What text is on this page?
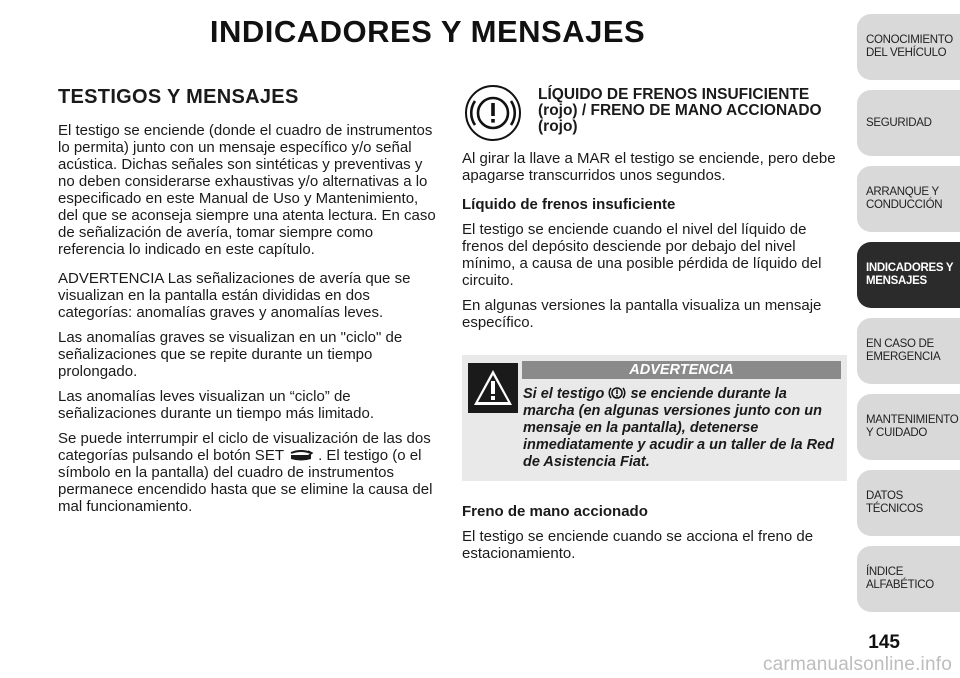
INDICADORES Y MENSAJES
TESTIGOS Y MENSAJES

El testigo se enciende (donde el cuadro de instrumentos lo permita) junto con un mensaje específico y/o señal acústica. Dichas señales son sintéticas y preventivas y no deben considerarse exhaustivas y/o alternativas a lo especificado en este Manual de Uso y Mantenimiento, del que se aconseja siempre una atenta lectura. En caso de señalización de avería, tomar siempre como referencia lo indicado en este capítulo.

ADVERTENCIA Las señalizaciones de avería que se visualizan en la pantalla están divididas en dos categorías: anomalías graves y anomalías leves.

Las anomalías graves se visualizan en un "ciclo" de señalizaciones que se repite durante un tiempo prolongado.

Las anomalías leves visualizan un “ciclo” de señalizaciones durante un tiempo más limitado.

Se puede interrumpir el ciclo de visualización de las dos categorías pulsando el botón SET . El testigo (o el símbolo en la pantalla) del cuadro de instrumentos permanece encendido hasta que se elimine la causa del mal funcionamiento.

LÍQUIDO DE FRENOS INSUFICIENTE (rojo) / FRENO DE MANO ACCIONADO (rojo)

Al girar la llave a MAR el testigo se enciende, pero debe apagarse transcurridos unos segundos.

Líquido de frenos insuficiente

El testigo se enciende cuando el nivel del líquido de frenos del depósito desciende por debajo del nivel mínimo, a causa de una posible pérdida de líquido del circuito.

En algunas versiones la pantalla visualiza un mensaje específico.

ADVERTENCIA
Si el testigo se enciende durante la marcha (en algunas versiones junto con un mensaje en la pantalla), detenerse inmediatamente y acudir a un taller de la Red de Asistencia Fiat.
Freno de mano accionado

El testigo se enciende cuando se acciona el freno de estacionamiento.

CONOCIMIENTO DEL VEHÍCULO
SEGURIDAD
ARRANQUE Y CONDUCCIÓN
INDICADORES Y MENSAJES
EN CASO DE EMERGENCIA
MANTENIMIENTO Y CUIDADO
DATOS TÉCNICOS
ÍNDICE ALFABÉTICO
145
carmanualsonline.info
